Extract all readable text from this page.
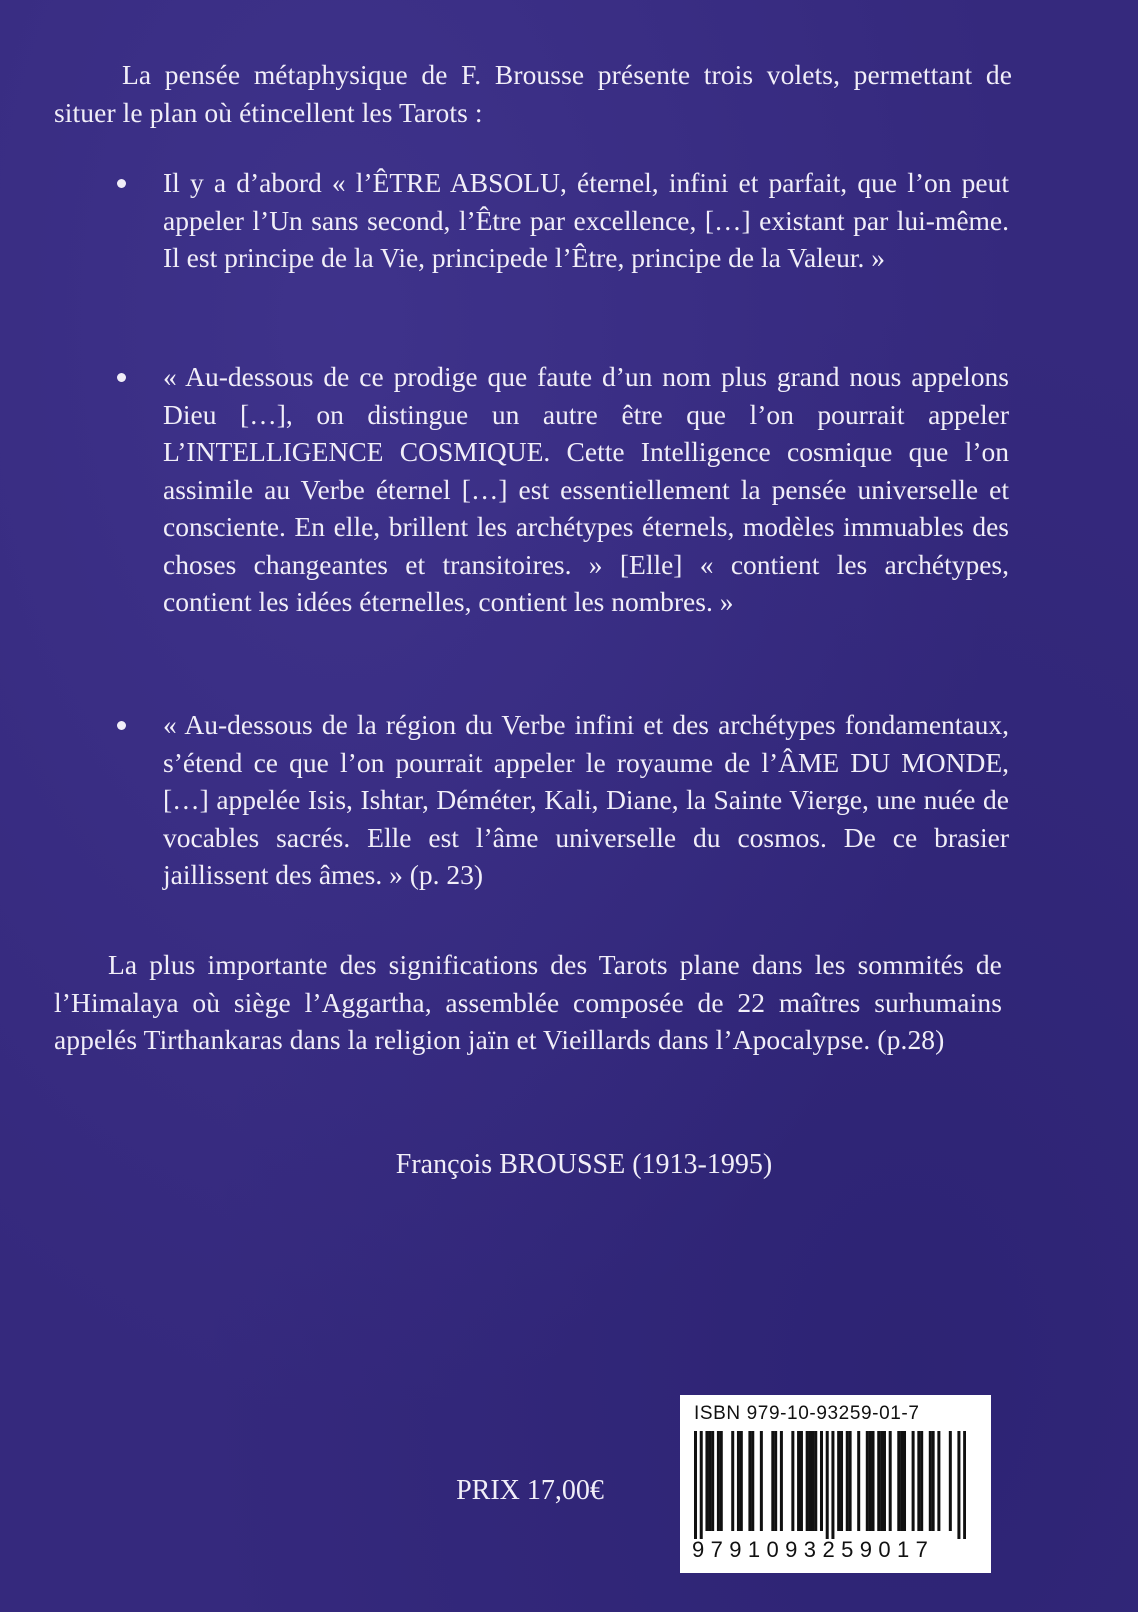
La pensée métaphysique de F. Brousse présente trois volets, permettant de situer le plan où étincellent les Tarots :

Il y a d’abord « l’ÊTRE ABSOLU, éternel, infini et parfait, que l’on peut appeler l’Un sans second, l’Être par excellence, […] existant par lui-même. Il est principe de la Vie, principede l’Être, principe de la Valeur. »

« Au-dessous de ce prodige que faute d’un nom plus grand nous appelons Dieu […], on distingue un autre être que l’on pourrait appeler L’INTELLIGENCE COSMIQUE. Cette Intelligence cosmique que l’on assimile au Verbe éternel […] est essentiellement la pensée universelle et consciente. En elle, brillent les archétypes éternels, modèles immuables des choses changeantes et transitoires. » [Elle] « contient les archétypes, contient les idées éternelles, contient les nombres. »

« Au-dessous de la région du Verbe infini et des archétypes fondamentaux, s’étend ce que l’on pourrait appeler le royaume de l’ÂME DU MONDE, […] appelée Isis, Ishtar, Déméter, Kali, Diane, la Sainte Vierge, une nuée de vocables sacrés. Elle est l’âme universelle du cosmos. De ce brasier jaillissent des âmes. » (p. 23)

La plus importante des significations des Tarots plane dans les sommités de l’Himalaya où siège l’Aggartha, assemblée composée de 22 maîtres surhumains appelés Tirthankaras dans la religion jaïn et Vieillards dans l’Apocalypse. (p.28)

François BROUSSE (1913-1995)
PRIX 17,00€
ISBN 979-10-93259-01-7
9791093259017
